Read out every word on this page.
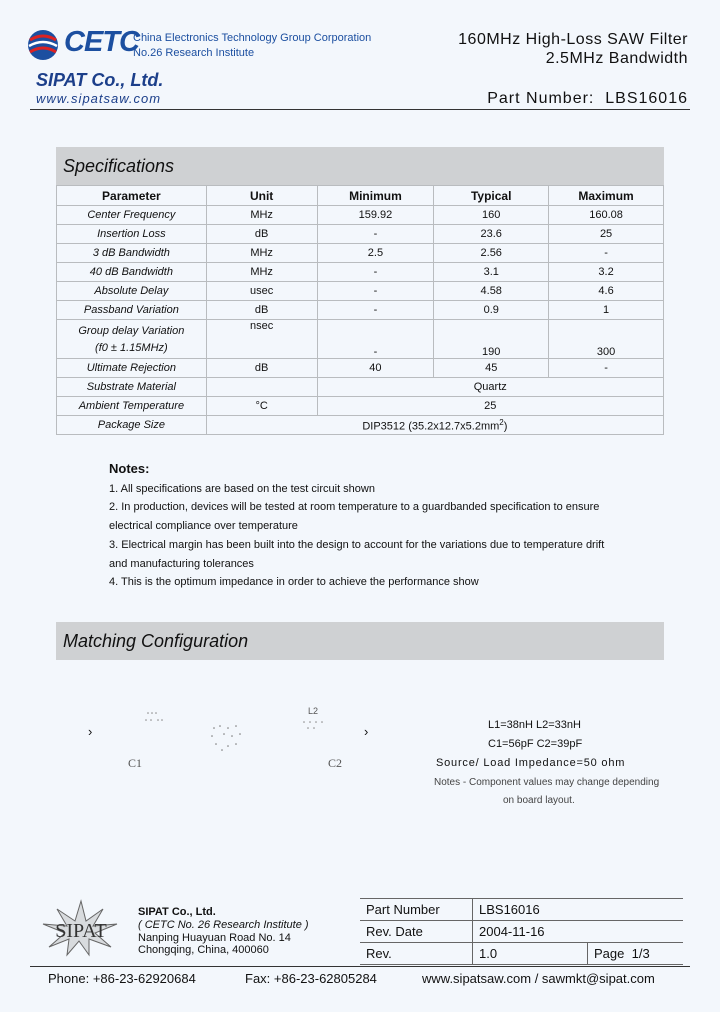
CETC
China Electronics Technology Group Corporation
No.26 Research Institute
SIPAT Co., Ltd.
www.sipatsaw.com
160MHz High-Loss SAW Filter
2.5MHz Bandwidth
Part Number: LBS16016
Specifications
Parameter	Unit	Minimum	Typical	Maximum
Center Frequency	MHz	159.92	160	160.08
Insertion Loss	dB	-	23.6	25
3 dB Bandwidth	MHz	2.5	2.56	-
40 dB Bandwidth	MHz	-	3.1	3.2
Absolute Delay	usec	-	4.58	4.6
Passband Variation	dB	-	0.9	1

Group delay Variation
(f0 ± 1.15MHz)	nsec	-	190	300
Ultimate Rejection	dB	40	45	-
Substrate Material		Quartz		
Ambient Temperature	°C	25		
Package Size	DIP3512 $(35.2x12.7x5.2mm^2)$			
Notes:
1. All specifications are based on the test circuit shown
2. In production, devices will be tested at room temperature to a guardbanded specification to ensure
electrical compliance over temperature
3. Electrical margin has been built into the design to account for the variations due to temperature drift
and manufacturing tolerances
4. This is the optimum impedance in order to achieve the performance show
Matching Configuration
›	›
L2
C1	C2
L1=38nH L2=33nH
C1=56pF C2=39pF
Source/ Load Impedance=50 ohm
Notes - Component values may change depending
on board layout.
SIPAT
SIPAT Co., Ltd.
( CETC No. 26 Research Institute )
Nanping Huayuan Road No. 14
Chongqing, China, 400060
Part Number	LBS16016	
Rev. Date	2004-11-16	
Rev.	1.0	Page 1/3
Phone: +86-23-62920684	Fax: +86-23-62805284	www.sipatsaw.com / sawmkt@sipat.com
